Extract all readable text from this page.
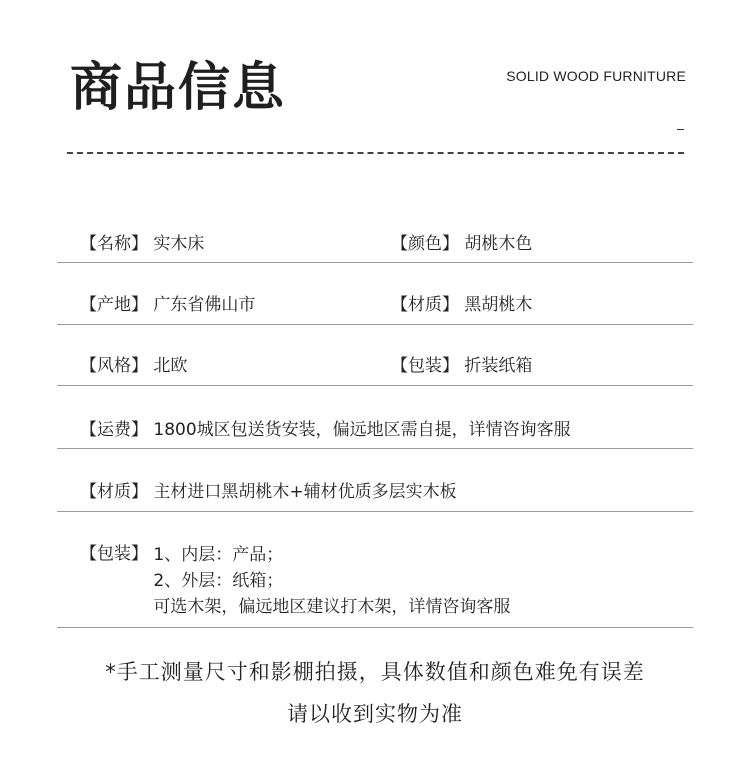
商品信息	SOLID WOOD FURNITURE
【名称】 实木床	【颜色】 胡桃木色
【产地】 广东省佛山市	【材质】 黑胡桃木
【风格】 北欧	【包装】 折装纸箱
【运费】 1800城区包送货安装，偏远地区需自提，详情咨询客服
【材质】 主材进口黑胡桃木+辅材优质多层实木板
【包装】 1、内层：产品；
2、外层：纸箱；
可选木架，偏远地区建议打木架，详情咨询客服
*手工测量尺寸和影棚拍摄，具体数值和颜色难免有误差
请以收到实物为准
